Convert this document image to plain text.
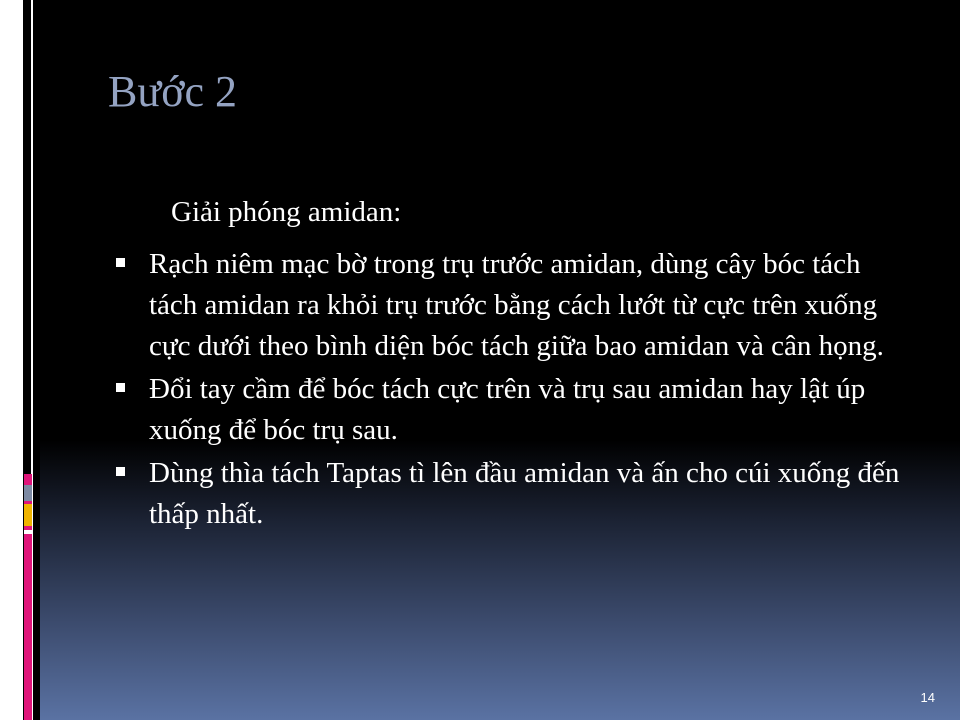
Bước 2
Giải phóng amidan:
Rạch niêm mạc bờ trong trụ trước amidan, dùng cây bóc tách tách amidan ra khỏi trụ trước bằng cách lướt từ cực trên xuống cực dưới theo bình diện bóc tách giữa bao amidan và cân họng.
Đổi tay cầm để bóc tách cực trên và trụ sau amidan hay lật úp xuống để bóc trụ sau.
Dùng thìa tách Taptas tì lên đầu amidan và ấn cho cúi xuống đến thấp nhất.
14
